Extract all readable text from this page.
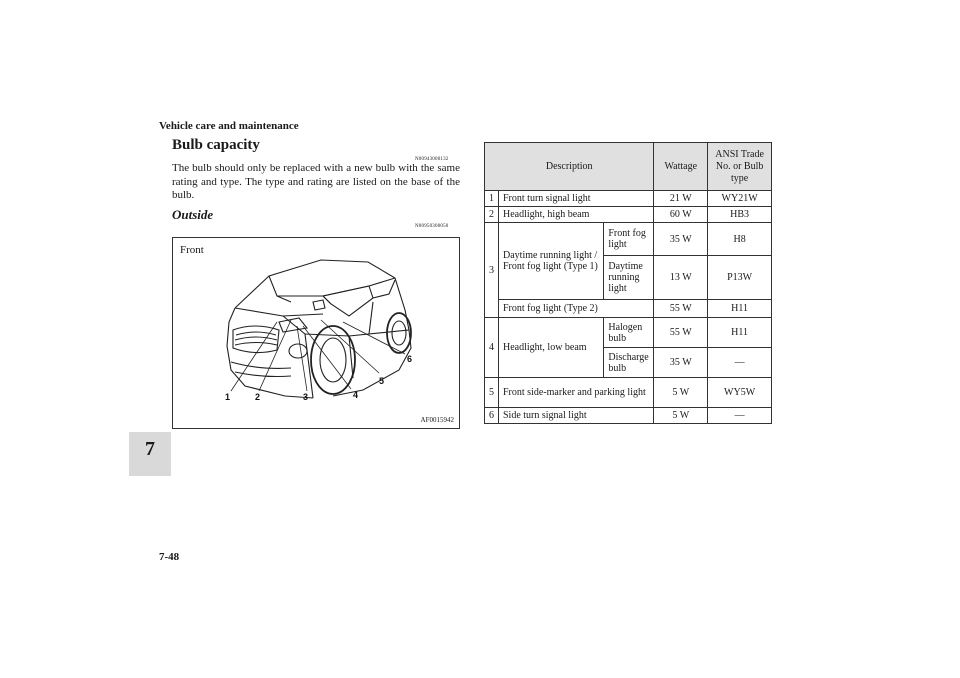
Vehicle care and maintenance
7
7-48
Bulb capacity
N00943000132
The bulb should only be replaced with a new bulb with the same rating and type. The type and rating are listed on the base of the bulb.
Outside
N00950300050
Front
1	2	3	4
5
6
AF0015942
Description			Wattage	ANSI Trade No. or Bulb type
1	Front turn signal light		21 W	WY21W
2	Headlight, high beam		60 W	HB3
3	Daytime running light / Front fog light (Type 1)	Front fog light	35 W	H8
		Daytime running light	13 W	P13W
	Front fog light (Type 2)		55 W	H11
4	Headlight, low beam	Halogen bulb	55 W	H11
		Discharge bulb	35 W	—
5	Front side-marker and parking light		5 W	WY5W
6	Side turn signal light		5 W	—
